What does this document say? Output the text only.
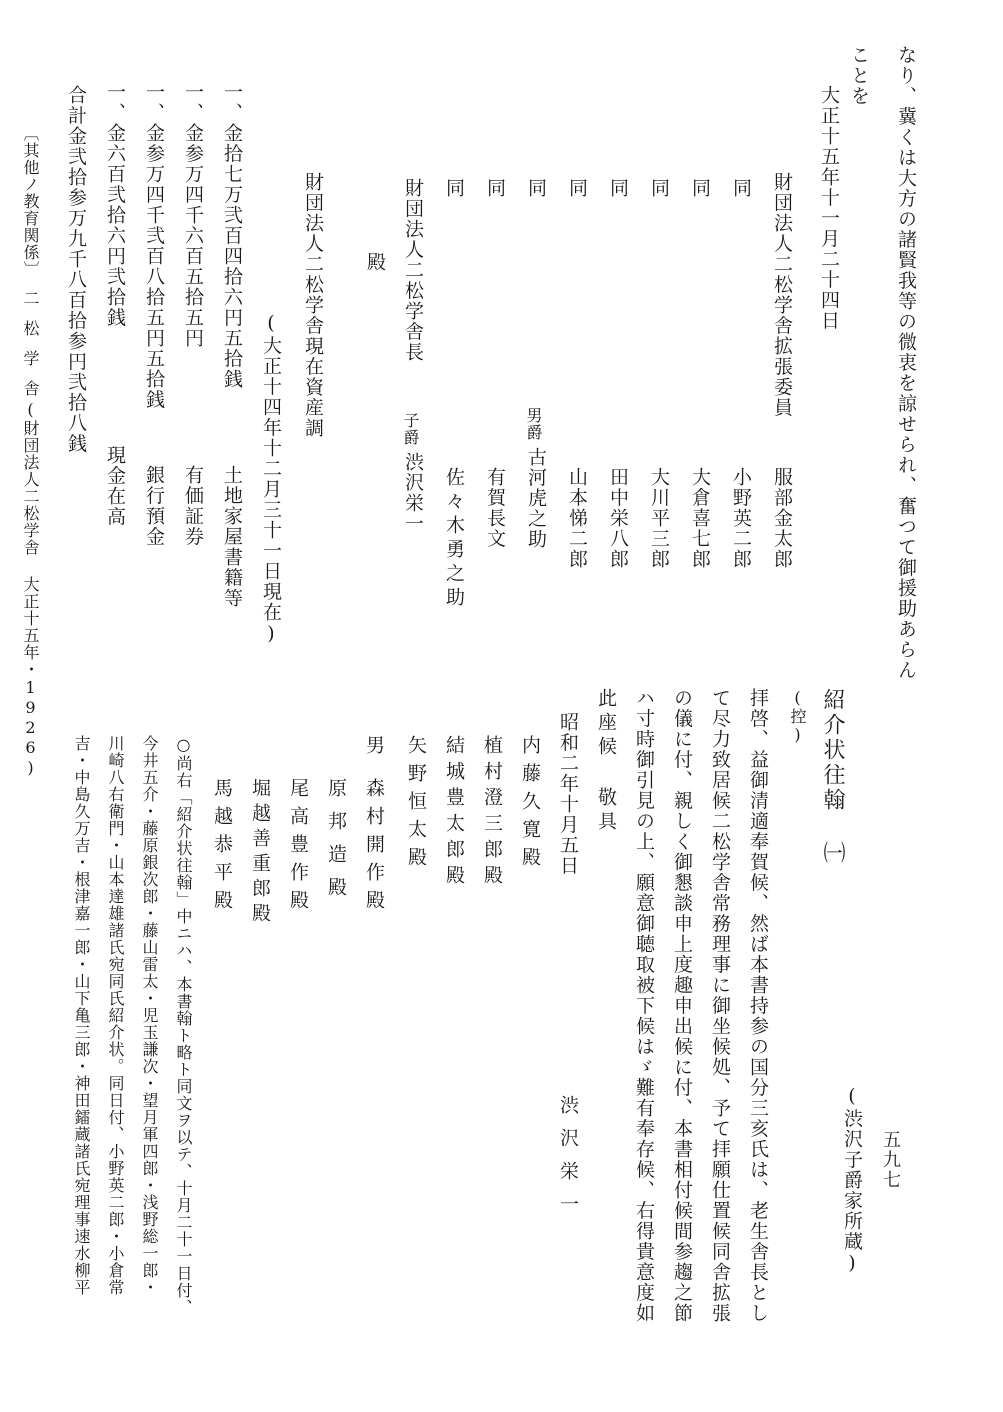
なり、冀くは大方の諸賢我等の微衷を諒せられ、奮つて御援助あらん
ことを
大正十五年十一月二十四日
財団法人二松学舎拡張委員
服部金太郎
同
小野英二郎
同
大倉喜七郎
同
大川平三郎
同
田中栄八郎
同
山本悌二郎
同
男爵
古河虎之助
同
有賀長文
同
佐々木勇之助
財団法人二松学舎長
子爵
渋沢栄一
殿
財団法人二松学舎現在資産調
(大正十四年十二月三十一日現在)
一、金拾七万弐百四拾六円五拾銭
土地家屋書籍等
一、金参万四千六百五拾五円
有価証券
一、金参万四千弐百八拾五円五拾銭
銀行預金
一、金六百弐拾六円弐拾銭
現金在高
合計金弐拾参万九千八百拾参円弐拾八銭
〔其他ノ教育関係〕
二松学舎
(財団法人二松学舎 大正十五年・1926)	紹介状往翰 ㈠
(渋沢子爵家所蔵)
(控)
拝啓、益御清適奉賀候、然ば本書持参の国分三亥氏は、老生舎長とし
て尽力致居候二松学舎常務理事に御坐候処、予て拝願仕置候同舎拡張
の儀に付、親しく御懇談申上度趣申出候に付、本書相付候間参趨之節
ハ寸時御引見の上、願意御聴取被下候はゞ難有奉存候、右得貴意度如
此座候 敬具
昭和二年十月五日
渋沢栄一
内藤久寛殿
植村澄三郎殿
結城豊太郎殿
矢野恒太殿
男
森村開作殿
原邦造殿
尾高豊作殿
堀越善重郎殿
馬越恭平殿
○尚右「紹介状往翰」中ニハ、本書翰ト略ト同文ヲ以テ、十月二十一日付、
今井五介・藤原銀次郎・藤山雷太・児玉謙次・望月軍四郎・浅野総一郎・
川崎八右衛門・山本達雄諸氏宛同氏紹介状。同日付、小野英二郎・小倉常
吉・中島久万吉・根津嘉一郎・山下亀三郎・神田鐳蔵諸氏宛理事速水柳平	五九七
